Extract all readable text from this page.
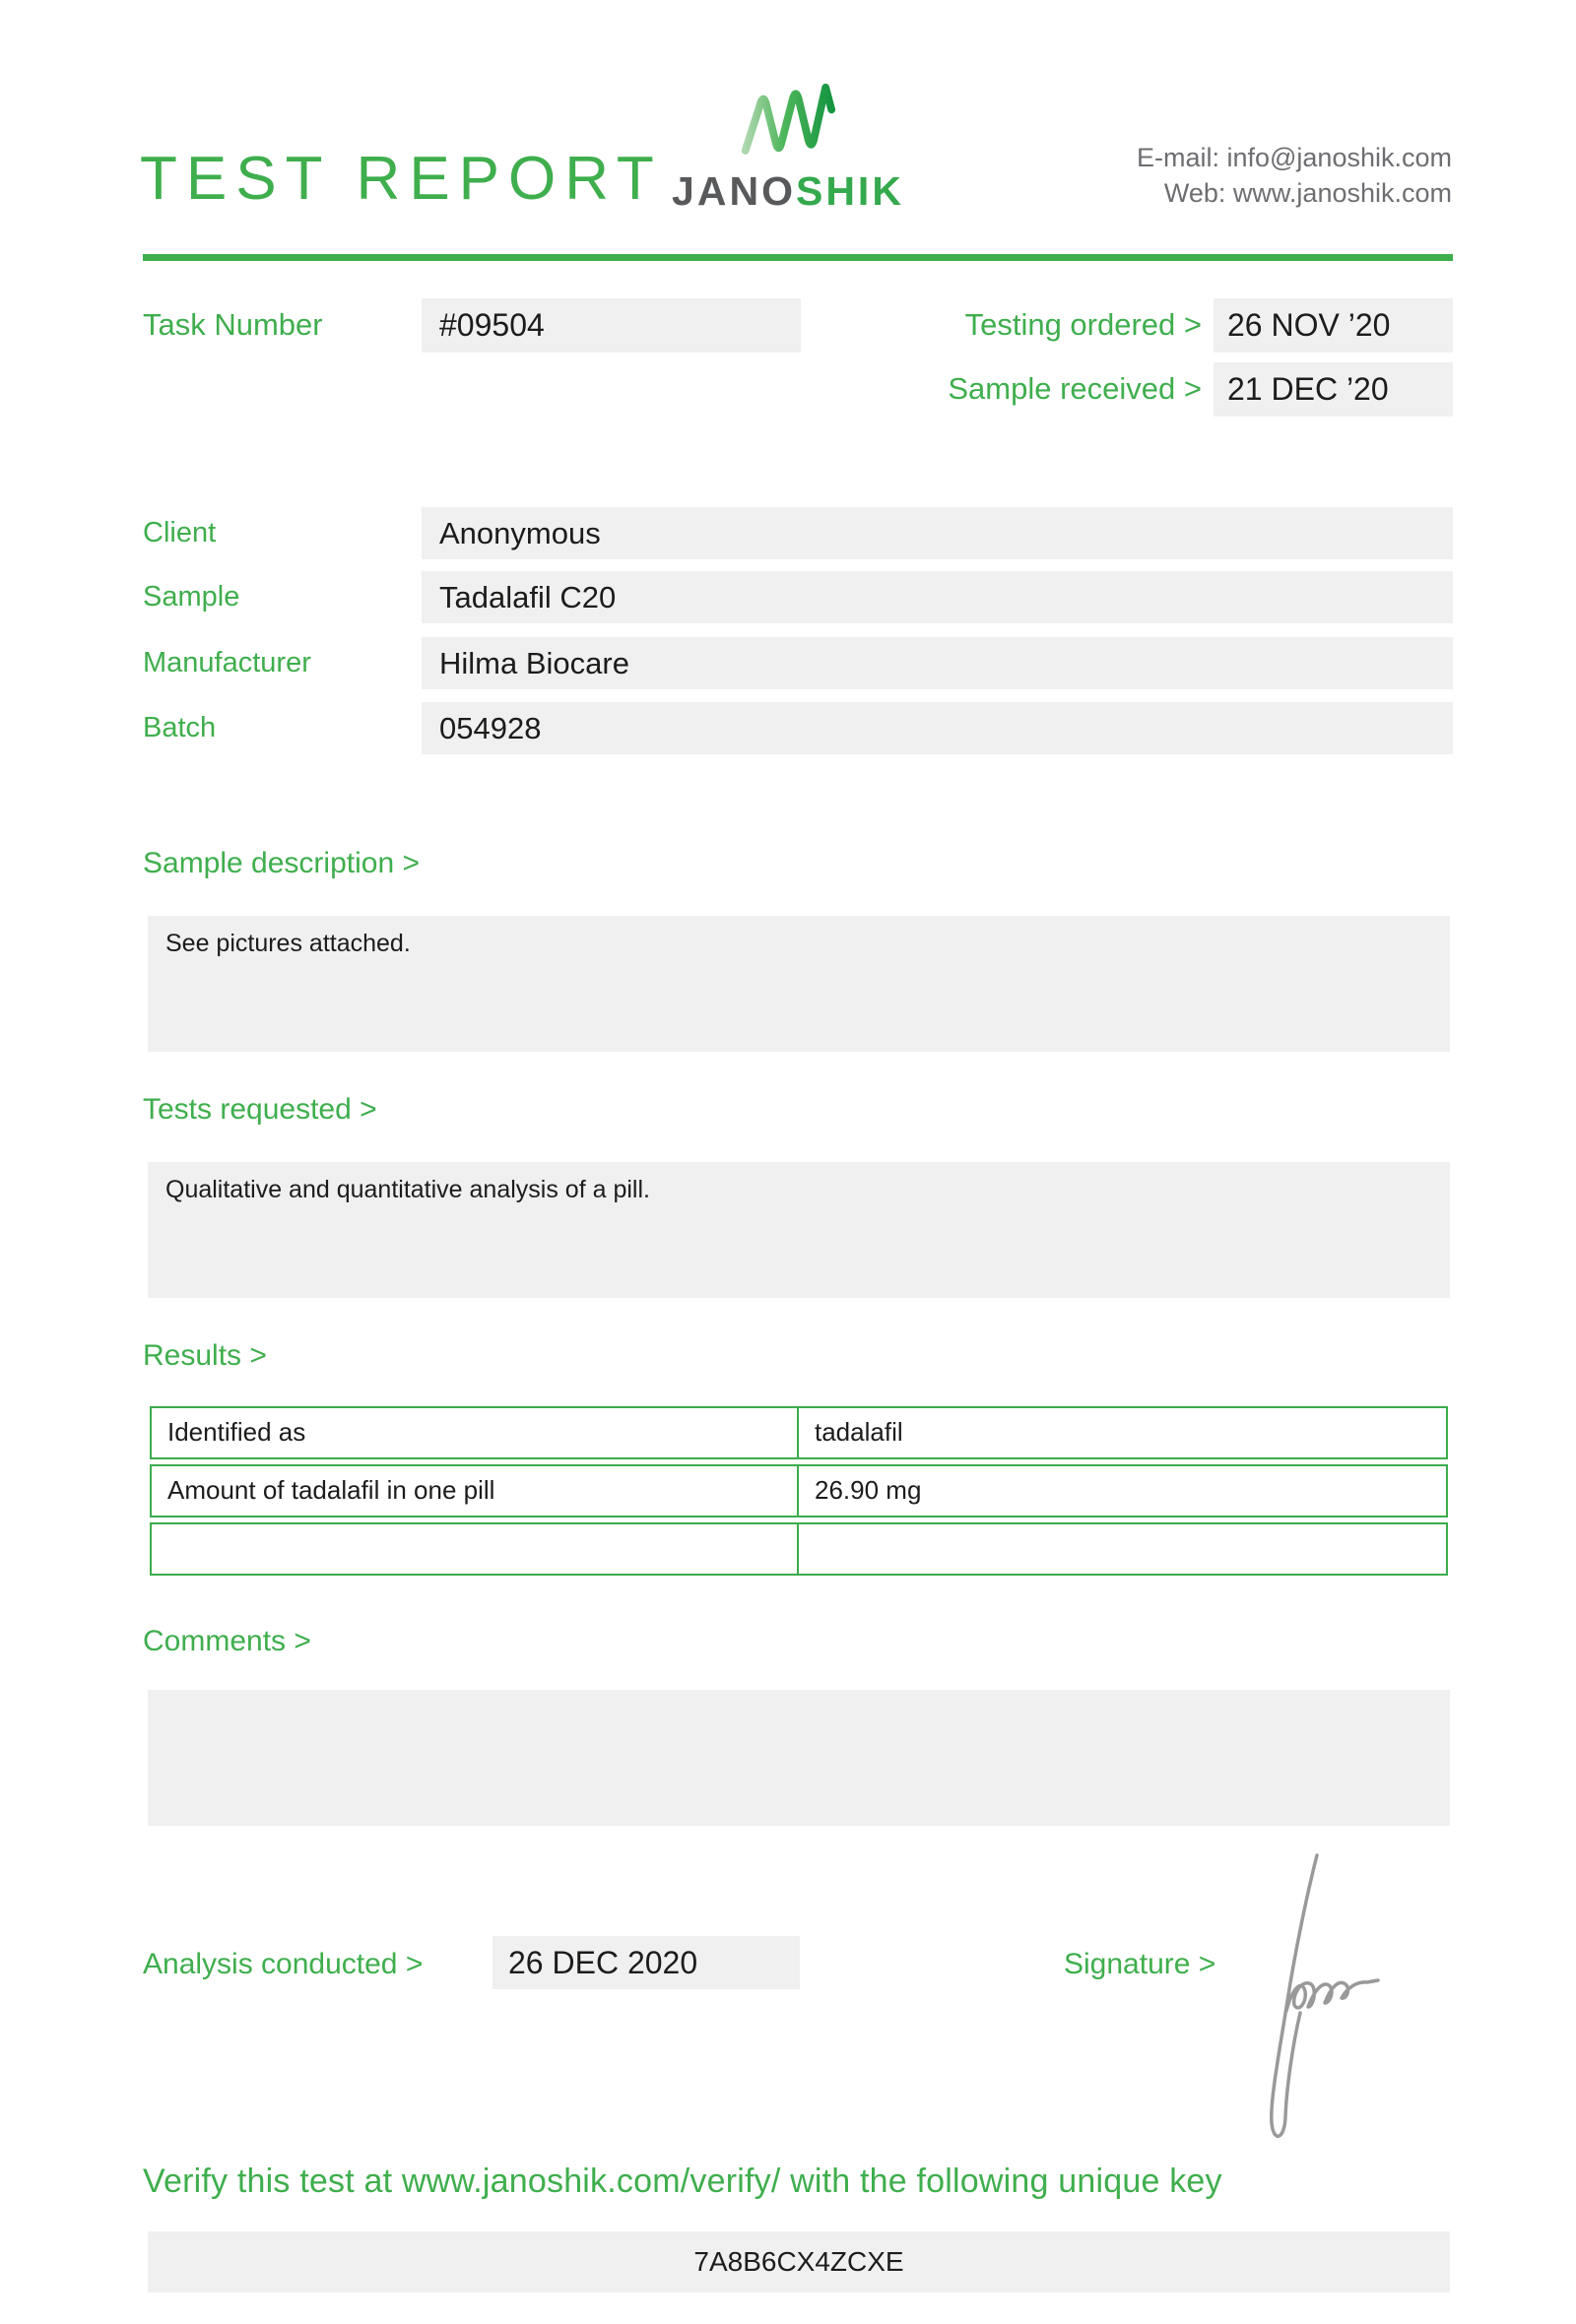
TEST REPORT JANOSHIK
E-mail: info@janoshik.com
Web: www.janoshik.com
Task Number	#09504	Testing ordered > 26 NOV ’20
Sample received > 21 DEC ’20
Client	Anonymous
Sample	Tadalafil C20
Manufacturer	Hilma Biocare
Batch	054928
Sample description >
See pictures attached.
Tests requested >
Qualitative and quantitative analysis of a pill.
Results >
Identified as	tadalafil
Amount of tadalafil in one pill	26.90 mg
Comments >
Analysis conducted >	26 DEC 2020	Signature >
Verify this test at www.janoshik.com/verify/ with the following unique key
7A8B6CX4ZCXE
